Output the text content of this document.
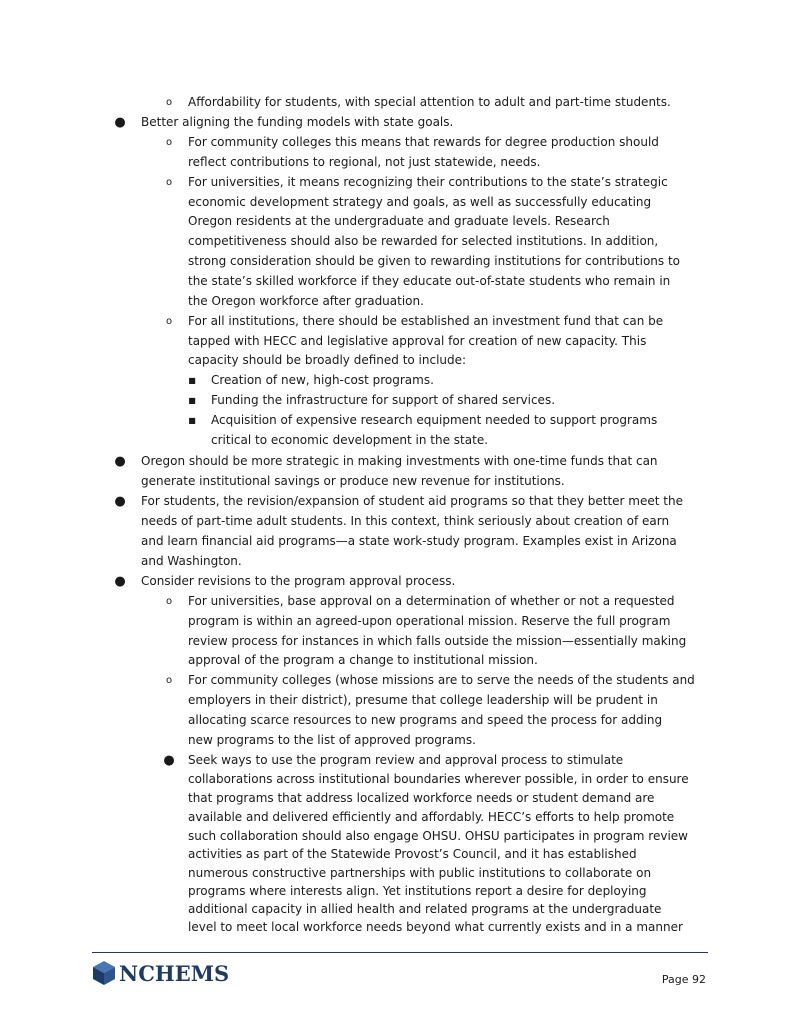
o Affordability for students, with special attention to adult and part-time students.
● Better aligning the funding models with state goals.
o For community colleges this means that rewards for degree production should
reflect contributions to regional, not just statewide, needs.
o For universities, it means recognizing their contributions to the state’s strategic
economic development strategy and goals, as well as successfully educating
Oregon residents at the undergraduate and graduate levels. Research
competitiveness should also be rewarded for selected institutions. In addition,
strong consideration should be given to rewarding institutions for contributions to
the state’s skilled workforce if they educate out-of-state students who remain in
the Oregon workforce after graduation.
o For all institutions, there should be established an investment fund that can be
tapped with HECC and legislative approval for creation of new capacity. This
capacity should be broadly defined to include:
■ Creation of new, high-cost programs.
■ Funding the infrastructure for support of shared services.
■ Acquisition of expensive research equipment needed to support programs
critical to economic development in the state.
● Oregon should be more strategic in making investments with one-time funds that can
generate institutional savings or produce new revenue for institutions.
● For students, the revision/expansion of student aid programs so that they better meet the
needs of part-time adult students. In this context, think seriously about creation of earn
and learn financial aid programs—a state work-study program. Examples exist in Arizona
and Washington.
● Consider revisions to the program approval process.
o For universities, base approval on a determination of whether or not a requested
program is within an agreed-upon operational mission. Reserve the full program
review process for instances in which falls outside the mission—essentially making
approval of the program a change to institutional mission.
o For community colleges (whose missions are to serve the needs of the students and
employers in their district), presume that college leadership will be prudent in
allocating scarce resources to new programs and speed the process for adding
new programs to the list of approved programs.
● Seek ways to use the program review and approval process to stimulate
collaborations across institutional boundaries wherever possible, in order to ensure
that programs that address localized workforce needs or student demand are
available and delivered efficiently and affordably. HECC’s efforts to help promote
such collaboration should also engage OHSU. OHSU participates in program review
activities as part of the Statewide Provost’s Council, and it has established
numerous constructive partnerships with public institutions to collaborate on
programs where interests align. Yet institutions report a desire for deploying
additional capacity in allied health and related programs at the undergraduate
level to meet local workforce needs beyond what currently exists and in a manner
NCHEMS	Page 92
